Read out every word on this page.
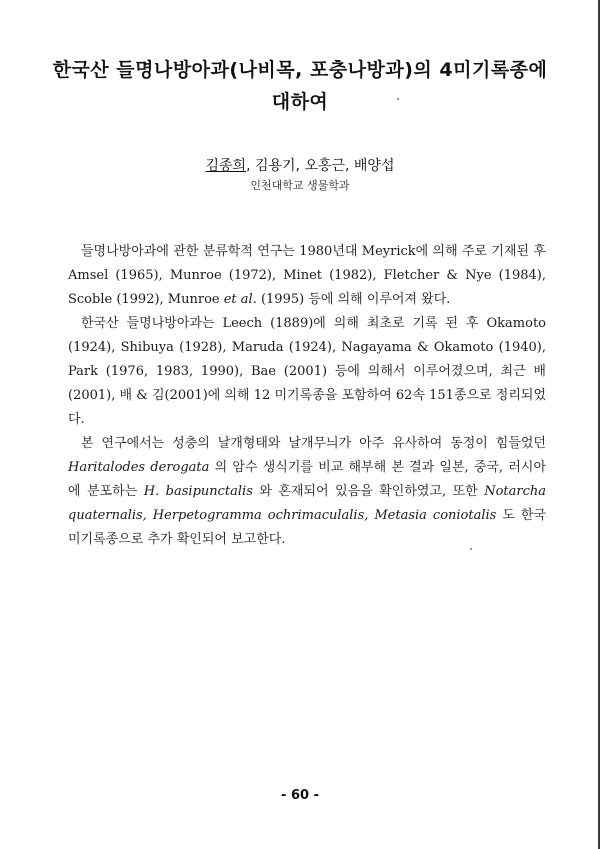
한국산 들명나방아과(나비목, 포충나방과)의 4미기록종에
대하여
김종희, 김용기, 오홍근, 배양섭
인천대학교 생물학과

들명나방아과에 관한 분류학적 연구는 1980년대 Meyrick에 의해 주로 기재된 후 Amsel (1965), Munroe (1972), Minet (1982), Fletcher & Nye (1984), Scoble (1992), Munroe et al. (1995) 등에 의해 이루어져 왔다.

한국산 들명나방아과는 Leech (1889)에 의해 최초로 기록 된 후 Okamoto (1924), Shibuya (1928), Maruda (1924), Nagayama & Okamoto (1940), Park (1976, 1983, 1990), Bae (2001) 등에 의해서 이루어졌으며, 최근 배(2001), 배 & 김(2001)에 의해 12 미기록종을 포함하여 62속 151종으로 정리되었다.

본 연구에서는 성충의 날개형태와 날개무늬가 아주 유사하여 동정이 힘들었던 Haritalodes derogata 의 암수 생식기를 비교 해부해 본 결과 일본, 중국, 러시아에 분포하는 H. basipunctalis 와 혼재되어 있음을 확인하였고, 또한 Notarcha quaternalis, Herpetogramma ochrimaculalis, Metasia coniotalis 도 한국 미기록종으로 추가 확인되어 보고한다.

- 60 -
